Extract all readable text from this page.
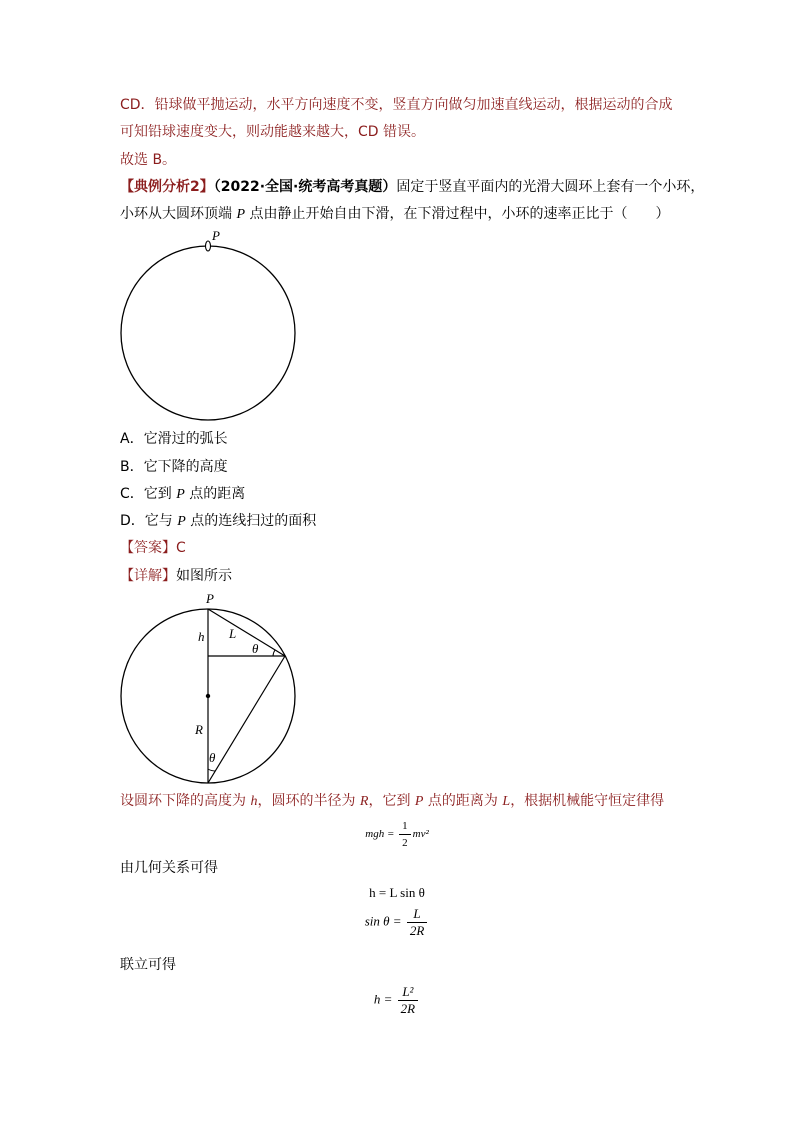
CD．铅球做平抛运动，水平方向速度不变，竖直方向做匀加速直线运动，根据运动的合成
可知铅球速度变大，则动能越来越大，CD 错误。
故选 B。
【典例分析2】（2022·全国·统考高考真题）固定于竖直平面内的光滑大圆环上套有一个小环，
小环从大圆环顶端 P 点由静止开始自由下滑，在下滑过程中，小环的速率正比于（　　）
P
A．它滑过的弧长
B．它下降的高度
C．它到 P 点的距离
D．它与 P 点的连线扫过的面积
【答案】C
【详解】如图所示
P
h L
θ
R
θ
设圆环下降的高度为 h，圆环的半径为 R，它到 P 点的距离为 L，根据机械能守恒定律得
mgh = $\frac{1}{2} mv^2$
由几何关系可得
h = L sin θ
$\sin \theta = \frac{L}{2R}$
联立可得
$h = \frac{\text{L²}}{2R}$
